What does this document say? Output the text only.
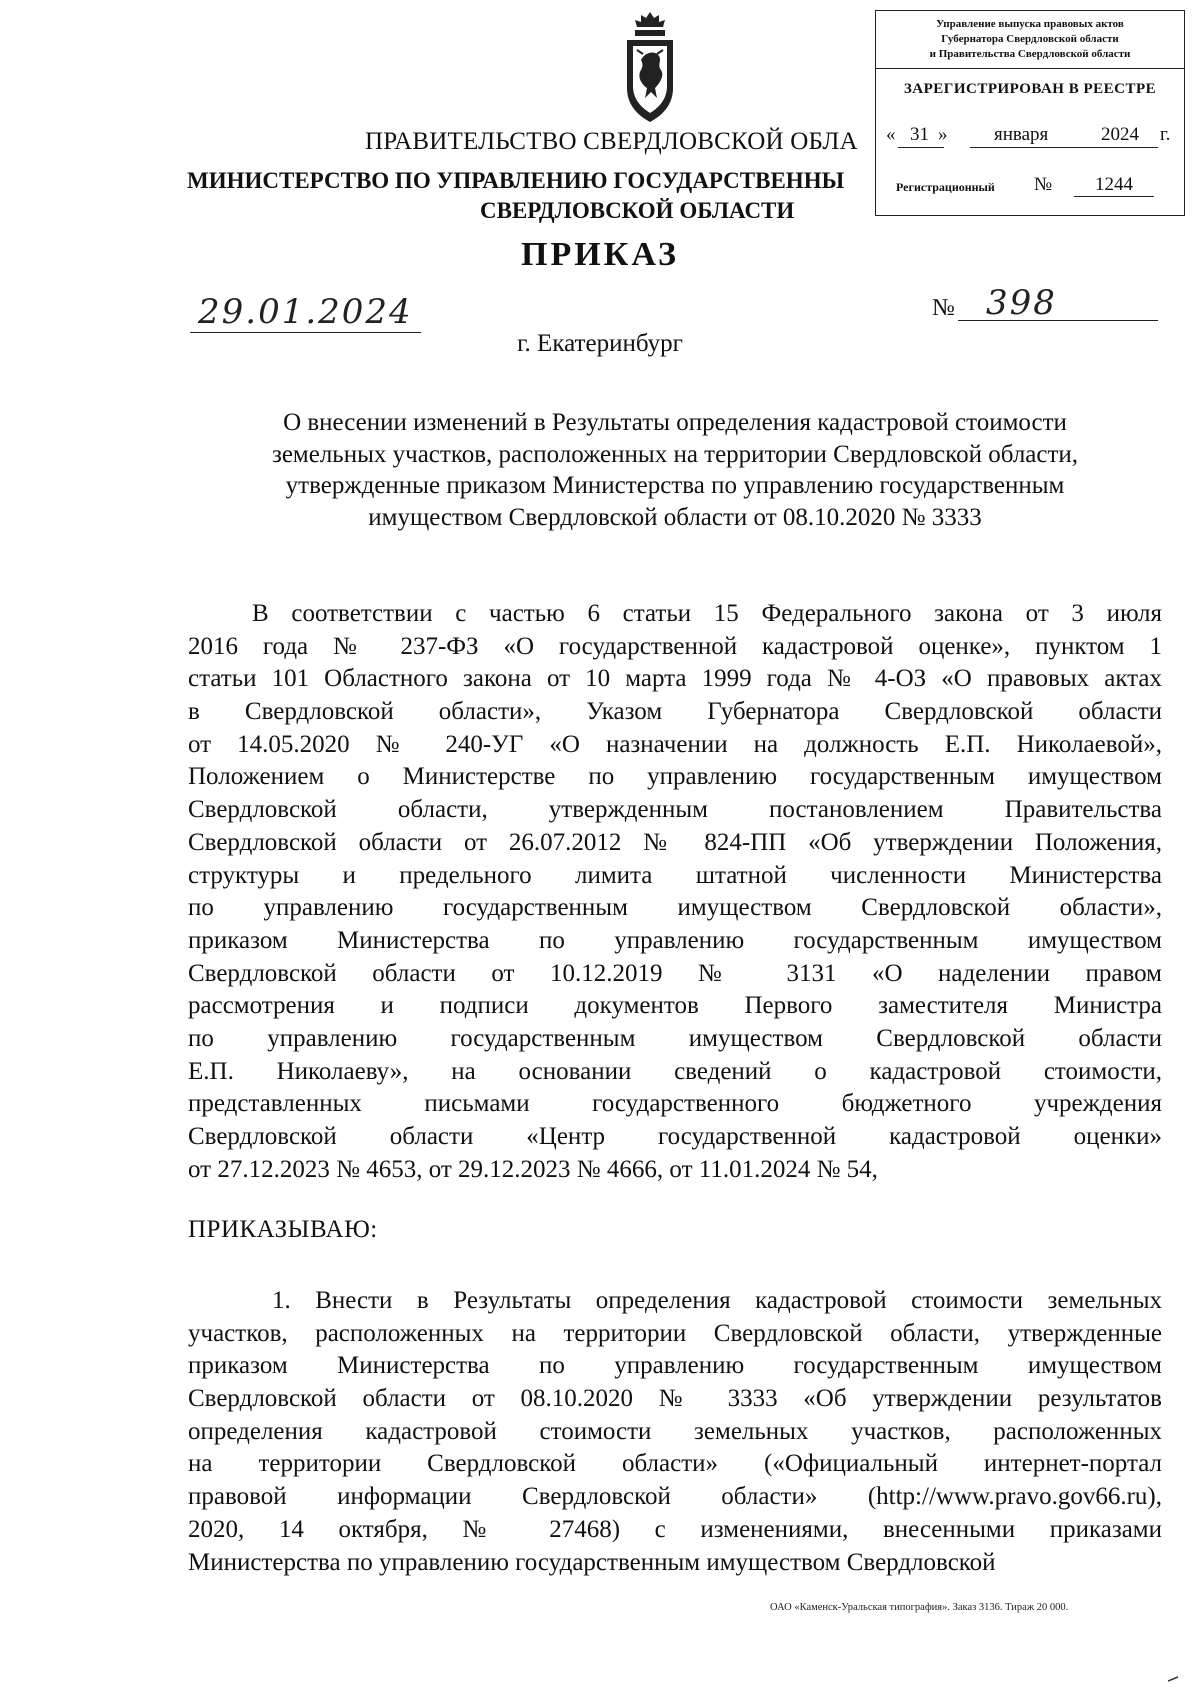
Управление выпуска правовых актов
Губернатора Свердловской области
и Правительства Свердловской области
ЗАРЕГИСТРИРОВАН В РЕЕСТРЕ
« 31 » января	2024 г.
Регистрационный №	1244
ПРАВИТЕЛЬСТВО СВЕРДЛОВСКОЙ ОБЛА
МИНИСТЕРСТВО ПО УПРАВЛЕНИЮ ГОСУДАРСТВЕННЫ
СВЕРДЛОВСКОЙ ОБЛАСТИ
ПРИКАЗ
29.01.2024	№ 398
г. Екатеринбург
О внесении изменений в Результаты определения кадастровой стоимости
земельных участков, расположенных на территории Свердловской области,
утвержденные приказом Министерства по управлению государственным
имуществом Свердловской области от 08.10.2020 № 3333
В соответствии с частью 6 статьи 15 Федерального закона от 3 июля
2016 года № 237-ФЗ «О государственной кадастровой оценке», пунктом 1
статьи 101 Областного закона от 10 марта 1999 года № 4-ОЗ «О правовых актах
в Свердловской области», Указом Губернатора Свердловской области
от 14.05.2020 № 240-УГ «О назначении на должность Е.П. Николаевой»,
Положением о Министерстве по управлению государственным имуществом
Свердловской области, утвержденным постановлением Правительства
Свердловской области от 26.07.2012 № 824-ПП «Об утверждении Положения,
структуры и предельного лимита штатной численности Министерства
по управлению государственным имуществом Свердловской области»,
приказом Министерства по управлению государственным имуществом
Свердловской области от 10.12.2019 № 3131 «О наделении правом
рассмотрения и подписи документов Первого заместителя Министра
по управлению государственным имуществом Свердловской области
Е.П. Николаеву», на основании сведений о кадастровой стоимости,
представленных письмами государственного бюджетного учреждения
Свердловской области «Центр государственной кадастровой оценки»
от 27.12.2023 № 4653, от 29.12.2023 № 4666, от 11.01.2024 № 54,
ПРИКАЗЫВАЮ:
1. Внести в Результаты определения кадастровой стоимости земельных
участков, расположенных на территории Свердловской области, утвержденные
приказом Министерства по управлению государственным имуществом
Свердловской области от 08.10.2020 № 3333 «Об утверждении результатов
определения кадастровой стоимости земельных участков, расположенных
на территории Свердловской области» («Официальный интернет-портал
правовой информации Свердловской области» (http://www.pravo.gov66.ru),
2020, 14 октября, № 27468) с изменениями, внесенными приказами
Министерства по управлению государственным имуществом Свердловской
ОАО «Каменск-Уральская типография». Заказ 3136. Тираж 20 000.
